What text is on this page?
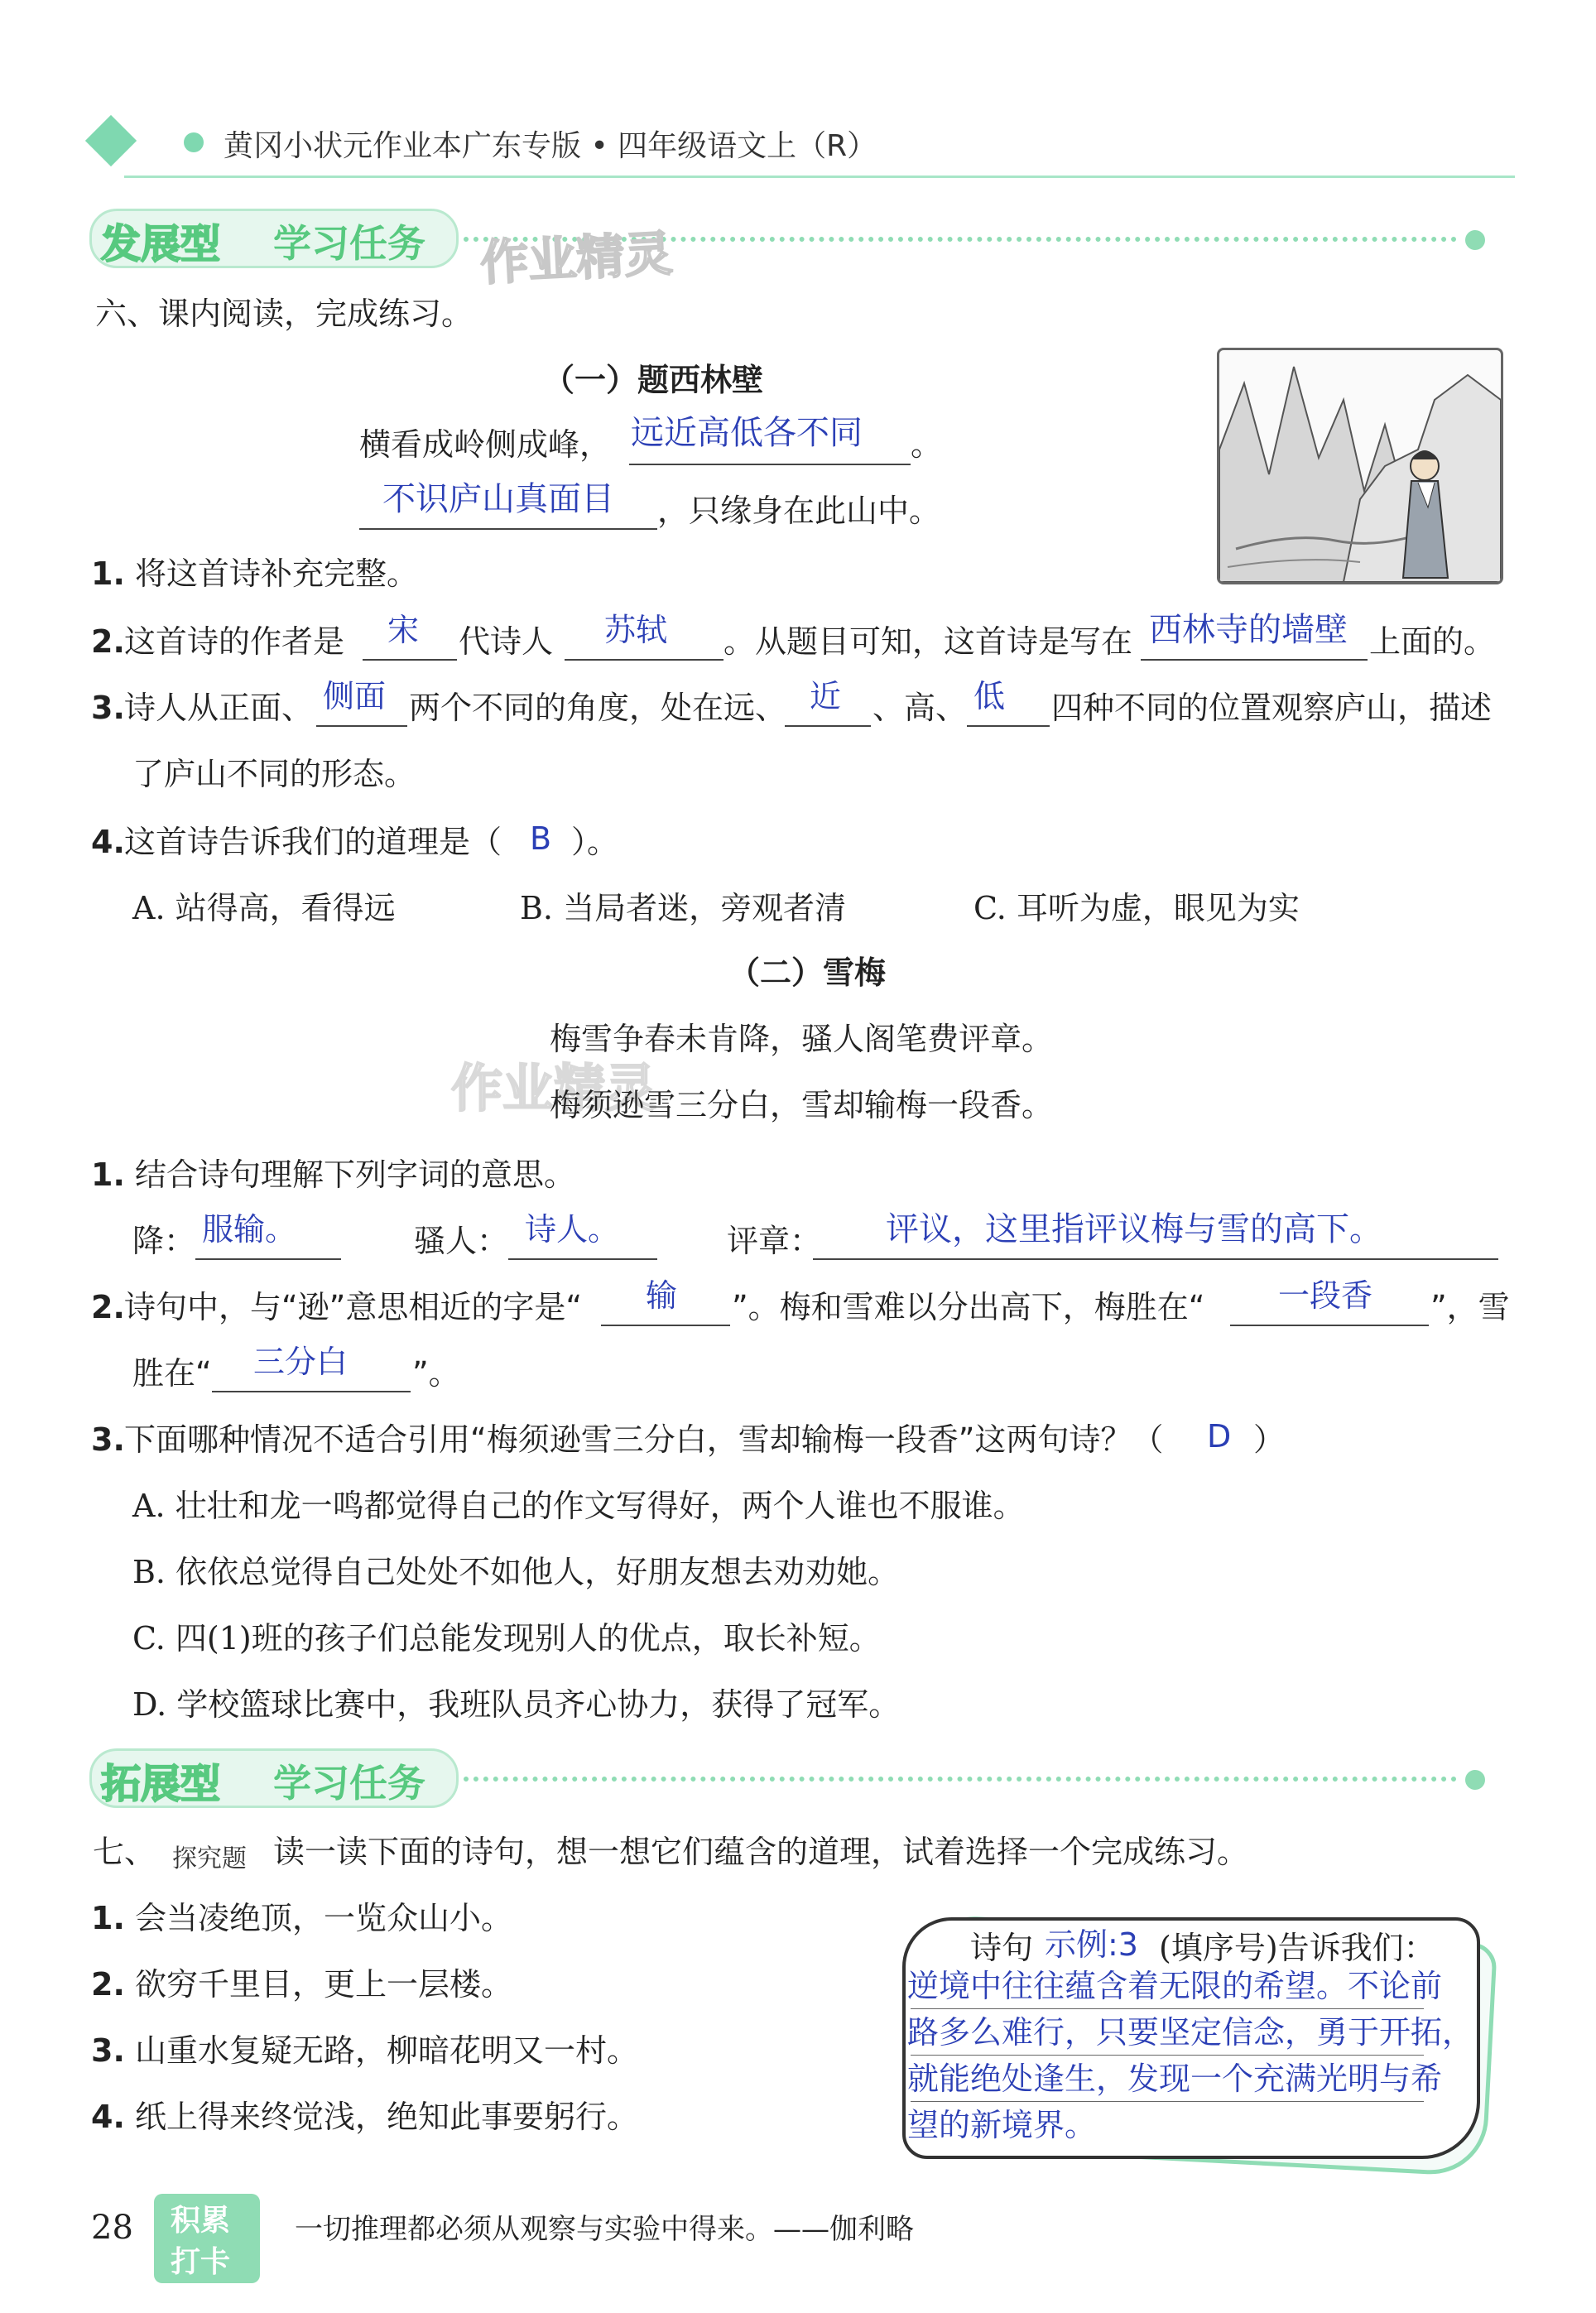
黄冈小状元作业本广东专版 • 四年级语文上（R）
发展型 学习任务 作业精灵
作业精灵
六、课内阅读，完成练习。
（一）题西林壁
横看成岭侧成峰， 远近高低各不同 。
不识庐山真面目 ，只缘身在此山中。
1. 将这首诗补充完整。
2. 这首诗的作者是 宋 代诗人 苏轼 。从题目可知，这首诗是写在 西林寺的墙壁 上面的。
3. 诗人从正面、 侧面 两个不同的角度，处在远、 近 、高、 低 四种不同的位置观察庐山，描述
了庐山不同的形态。
4. 这首诗告诉我们的道理是（ B ）。
A. 站得高，看得远	B. 当局者迷，旁观者清	C. 耳听为虚，眼见为实
（二）雪梅
梅雪争春未肯降，骚人阁笔费评章。
梅须逊雪三分白，雪却输梅一段香。
1. 结合诗句理解下列字词的意思。
降： 服输。	骚人： 诗人。	评章： 评议，这里指评议梅与雪的高下。
2. 诗句中，与“逊”意思相近的字是“ 输 ”。梅和雪难以分出高下，梅胜在“ 一段香 ”，雪
胜在“ 三分白 ”。
3. 下面哪种情况不适合引用“梅须逊雪三分白，雪却输梅一段香”这两句诗？（ D ）
A. 壮壮和龙一鸣都觉得自己的作文写得好，两个人谁也不服谁。
B. 依依总觉得自己处处不如他人，好朋友想去劝劝她。
C. 四(1)班的孩子们总能发现别人的优点，取长补短。
D. 学校篮球比赛中，我班队员齐心协力，获得了冠军。
拓展型 学习任务
七、 探究题 读一读下面的诗句，想一想它们蕴含的道理，试着选择一个完成练习。
1. 会当凌绝顶，一览众山小。
2. 欲穷千里目，更上一层楼。
3. 山重水复疑无路，柳暗花明又一村。
4. 纸上得来终觉浅，绝知此事要躬行。
诗句 示例:3 (填序号)告诉我们：
逆境中往往蕴含着无限的希望。不论前
路多么难行，只要坚定信念，勇于开拓，
就能绝处逢生，发现一个充满光明与希
望的新境界。
28 积累
打卡
一切推理都必须从观察与实验中得来。——伽利略
